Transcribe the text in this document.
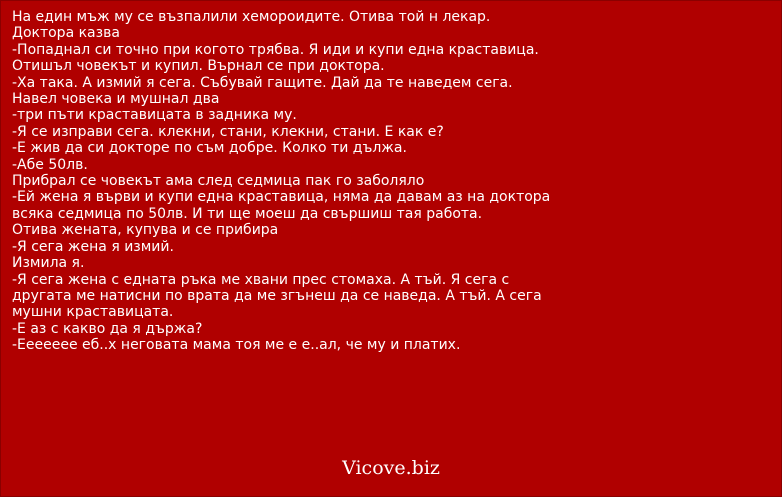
На един мъж му се възпалили хемороидите. Отива той н лекар.
Доктора казва
-Попаднал си точно при когото трябва. Я иди и купи една краставица.
Отишъл човекът и купил. Върнал се при доктора.
-Ха така. А измий я сега. Събувай гащите. Дай да те наведем сега.
Навел човека и мушнал два
-три пъти краставицата в задника му.
-Я се изправи сега. клекни, стани, клекни, стани. Е как е?
-Е жив да си докторе по съм добре. Колко ти дължа.
-Абе 50лв.
Прибрал се човекът ама след седмица пак го заболяло
-Ей жена я върви и купи една краставица, няма да давам аз на доктора
всяка седмица по 50лв. И ти ще моеш да свършиш тая работа.
Отива жената, купува и се прибира
-Я сега жена я измий.
Измила я.
-Я сега жена с едната ръка ме хвани прес стомаха. А тъй. Я сега с
другата ме натисни по врата да ме згънеш да се наведа. А тъй. А сега
мушни краставицата.
-Е аз с какво да я държа?
-Еееееее еб..х неговата мама тоя ме е е..ал, че му и платих.
Vicove.biz
